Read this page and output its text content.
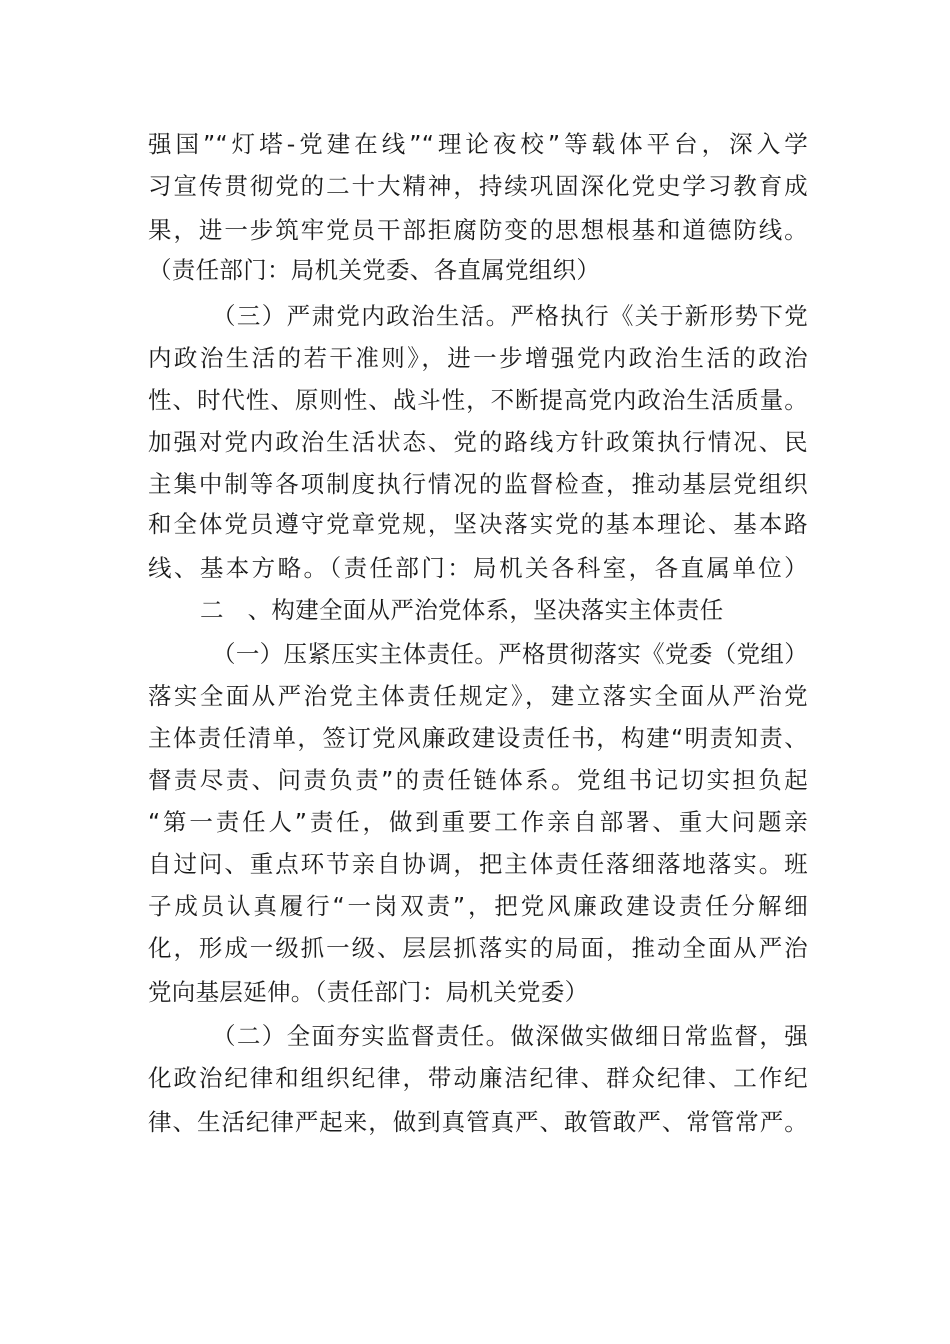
强国”“灯塔-党建在线”“理论夜校”等载体平台，深入学
习宣传贯彻党的二十大精神，持续巩固深化党史学习教育成
果，进一步筑牢党员干部拒腐防变的思想根基和道德防线。
（责任部门：局机关党委、各直属党组织）
（三）严肃党内政治生活。严格执行《关于新形势下党
内政治生活的若干准则》，进一步增强党内政治生活的政治
性、时代性、原则性、战斗性，不断提高党内政治生活质量。
加强对党内政治生活状态、党的路线方针政策执行情况、民
主集中制等各项制度执行情况的监督检查，推动基层党组织
和全体党员遵守党章党规，坚决落实党的基本理论、基本路
线、基本方略。（责任部门：局机关各科室，各直属单位）
二　、构建全面从严治党体系，坚决落实主体责任
（一）压紧压实主体责任。严格贯彻落实《党委（党组）
落实全面从严治党主体责任规定》，建立落实全面从严治党
主体责任清单，签订党风廉政建设责任书，构建“明责知责、
督责尽责、问责负责”的责任链体系。党组书记切实担负起
“第一责任人”责任，做到重要工作亲自部署、重大问题亲
自过问、重点环节亲自协调，把主体责任落细落地落实。班
子成员认真履行“一岗双责”，把党风廉政建设责任分解细
化，形成一级抓一级、层层抓落实的局面，推动全面从严治
党向基层延伸。（责任部门：局机关党委）
（二）全面夯实监督责任。做深做实做细日常监督，强
化政治纪律和组织纪律，带动廉洁纪律、群众纪律、工作纪
律、生活纪律严起来，做到真管真严、敢管敢严、常管常严。
